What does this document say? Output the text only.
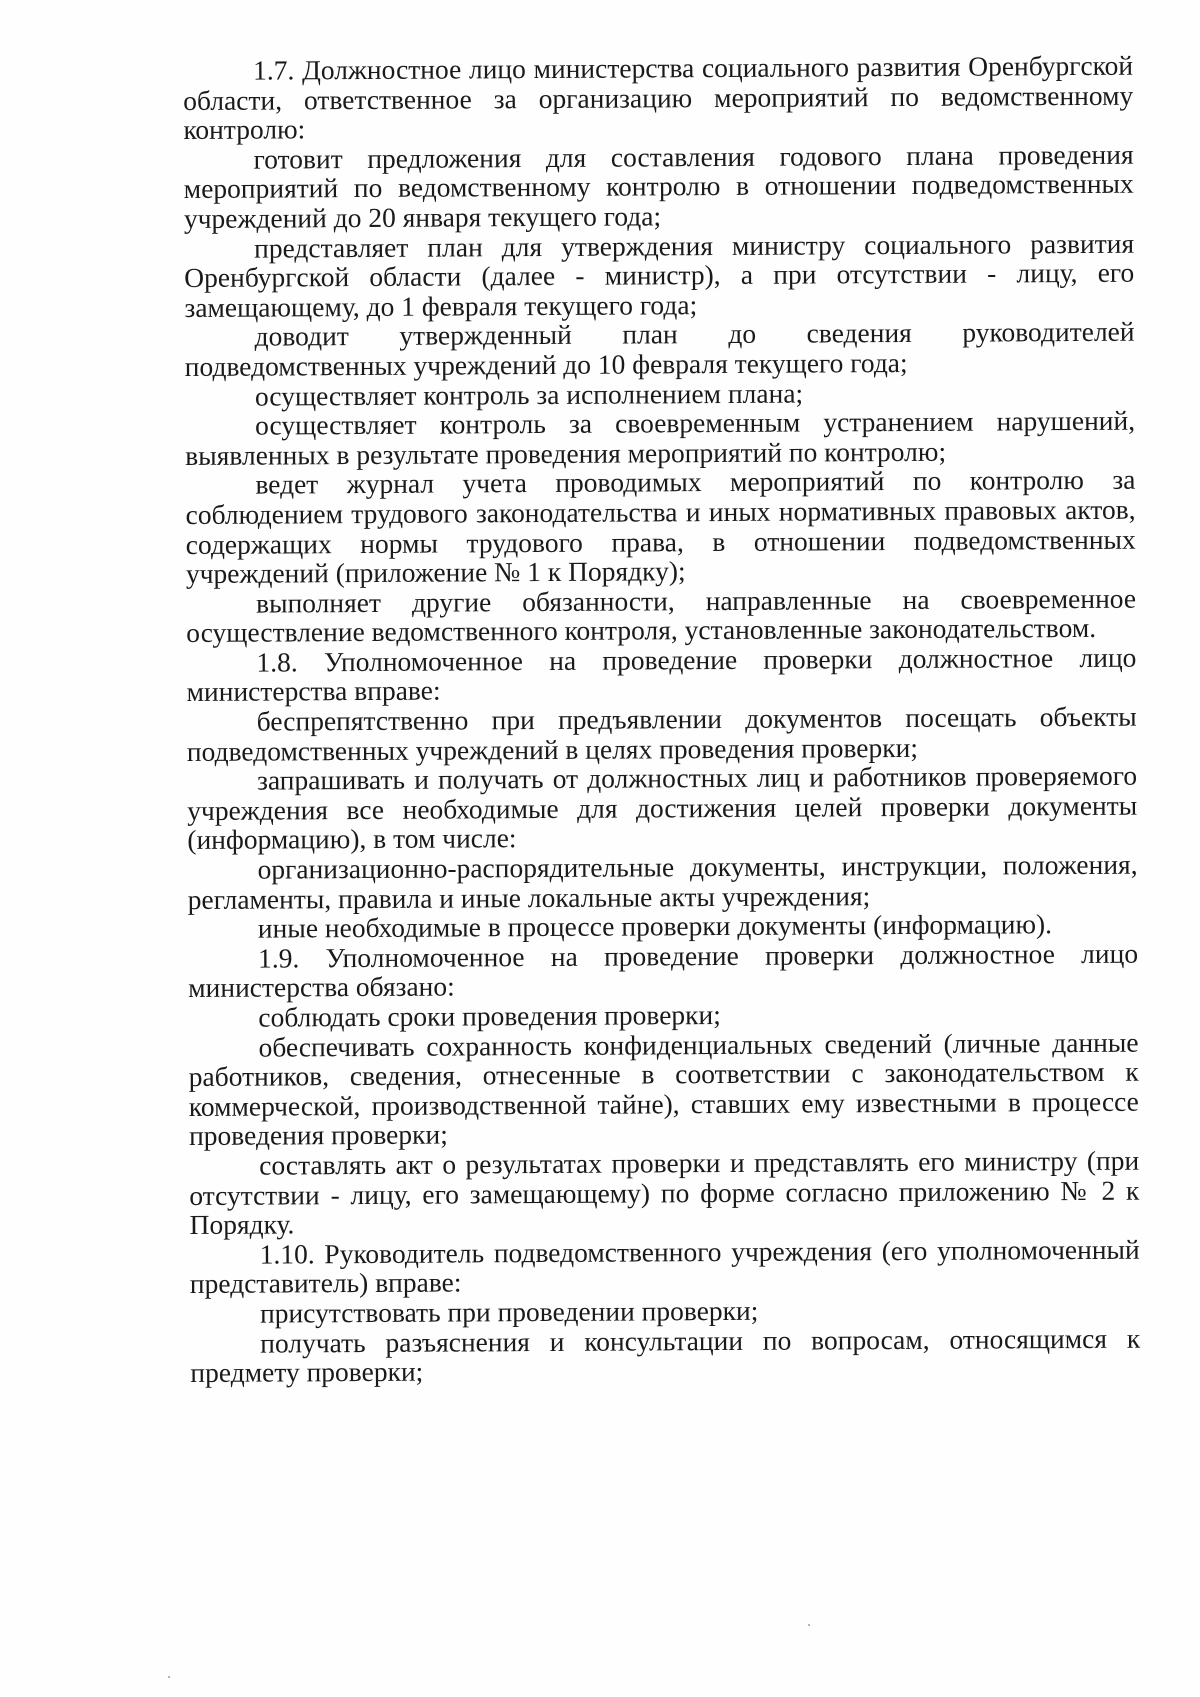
1.7. Должностное лицо министерства социального развития Оренбургской области, ответственное за организацию мероприятий по ведомственному контролю:

готовит предложения для составления годового плана проведения мероприятий по ведомственному контролю в отношении подведомственных учреждений до 20 января текущего года;

представляет план для утверждения министру социального развития Оренбургской области (далее - министр), а при отсутствии - лицу, его замещающему, до 1 февраля текущего года;

доводит утвержденный план до сведения руководителей подведомственных учреждений до 10 февраля текущего года;

осуществляет контроль за исполнением плана;

осуществляет контроль за своевременным устранением нарушений, выявленных в результате проведения мероприятий по контролю;

ведет журнал учета проводимых мероприятий по контролю за соблюдением трудового законодательства и иных нормативных правовых актов, содержащих нормы трудового права, в отношении подведомственных учреждений (приложение № 1 к Порядку);

выполняет другие обязанности, направленные на своевременное осуществление ведомственного контроля, установленные законодательством.

1.8. Уполномоченное на проведение проверки должностное лицо министерства вправе:

беспрепятственно при предъявлении документов посещать объекты подведомственных учреждений в целях проведения проверки;

запрашивать и получать от должностных лиц и работников проверяемого учреждения все необходимые для достижения целей проверки документы (информацию), в том числе:

организационно-распорядительные документы, инструкции, положения, регламенты, правила и иные локальные акты учреждения;

иные необходимые в процессе проверки документы (информацию).

1.9. Уполномоченное на проведение проверки должностное лицо министерства обязано:

соблюдать сроки проведения проверки;

обеспечивать сохранность конфиденциальных сведений (личные данные работников, сведения, отнесенные в соответствии с законодательством к коммерческой, производственной тайне), ставших ему известными в процессе проведения проверки;

составлять акт о результатах проверки и представлять его министру (при отсутствии - лицу, его замещающему) по форме согласно приложению № 2 к Порядку.

1.10. Руководитель подведомственного учреждения (его уполномоченный представитель) вправе:

присутствовать при проведении проверки;

получать разъяснения и консультации по вопросам, относящимся к предмету проверки;
